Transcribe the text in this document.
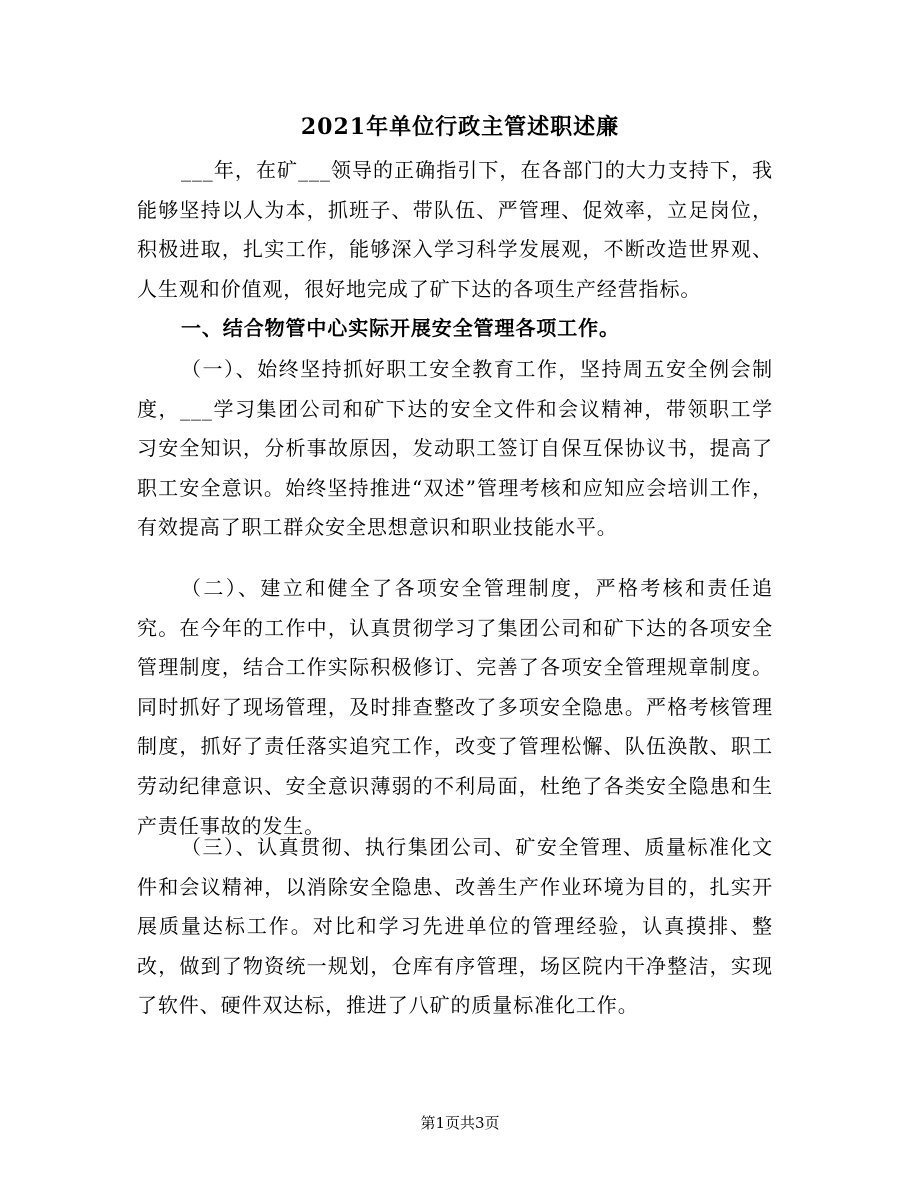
2021年单位行政主管述职述廉

___年，在矿___领导的正确指引下，在各部门的大力支持下，我能够坚持以人为本，抓班子、带队伍、严管理、促效率，立足岗位，积极进取，扎实工作，能够深入学习科学发展观，不断改造世界观、人生观和价值观，很好地完成了矿下达的各项生产经营指标。

一、结合物管中心实际开展安全管理各项工作。

（一）、始终坚持抓好职工安全教育工作，坚持周五安全例会制度，___学习集团公司和矿下达的安全文件和会议精神，带领职工学习安全知识，分析事故原因，发动职工签订自保互保协议书，提高了职工安全意识。始终坚持推进“双述”管理考核和应知应会培训工作，有效提高了职工群众安全思想意识和职业技能水平。

（二）、建立和健全了各项安全管理制度，严格考核和责任追究。在今年的工作中，认真贯彻学习了集团公司和矿下达的各项安全管理制度，结合工作实际积极修订、完善了各项安全管理规章制度。同时抓好了现场管理，及时排查整改了多项安全隐患。严格考核管理制度，抓好了责任落实追究工作，改变了管理松懈、队伍涣散、职工劳动纪律意识、安全意识薄弱的不利局面，杜绝了各类安全隐患和生产责任事故的发生。

（三）、认真贯彻、执行集团公司、矿安全管理、质量标准化文件和会议精神，以消除安全隐患、改善生产作业环境为目的，扎实开展质量达标工作。对比和学习先进单位的管理经验，认真摸排、整改，做到了物资统一规划，仓库有序管理，场区院内干净整洁，实现了软件、硬件双达标，推进了八矿的质量标准化工作。

第1页共3页
